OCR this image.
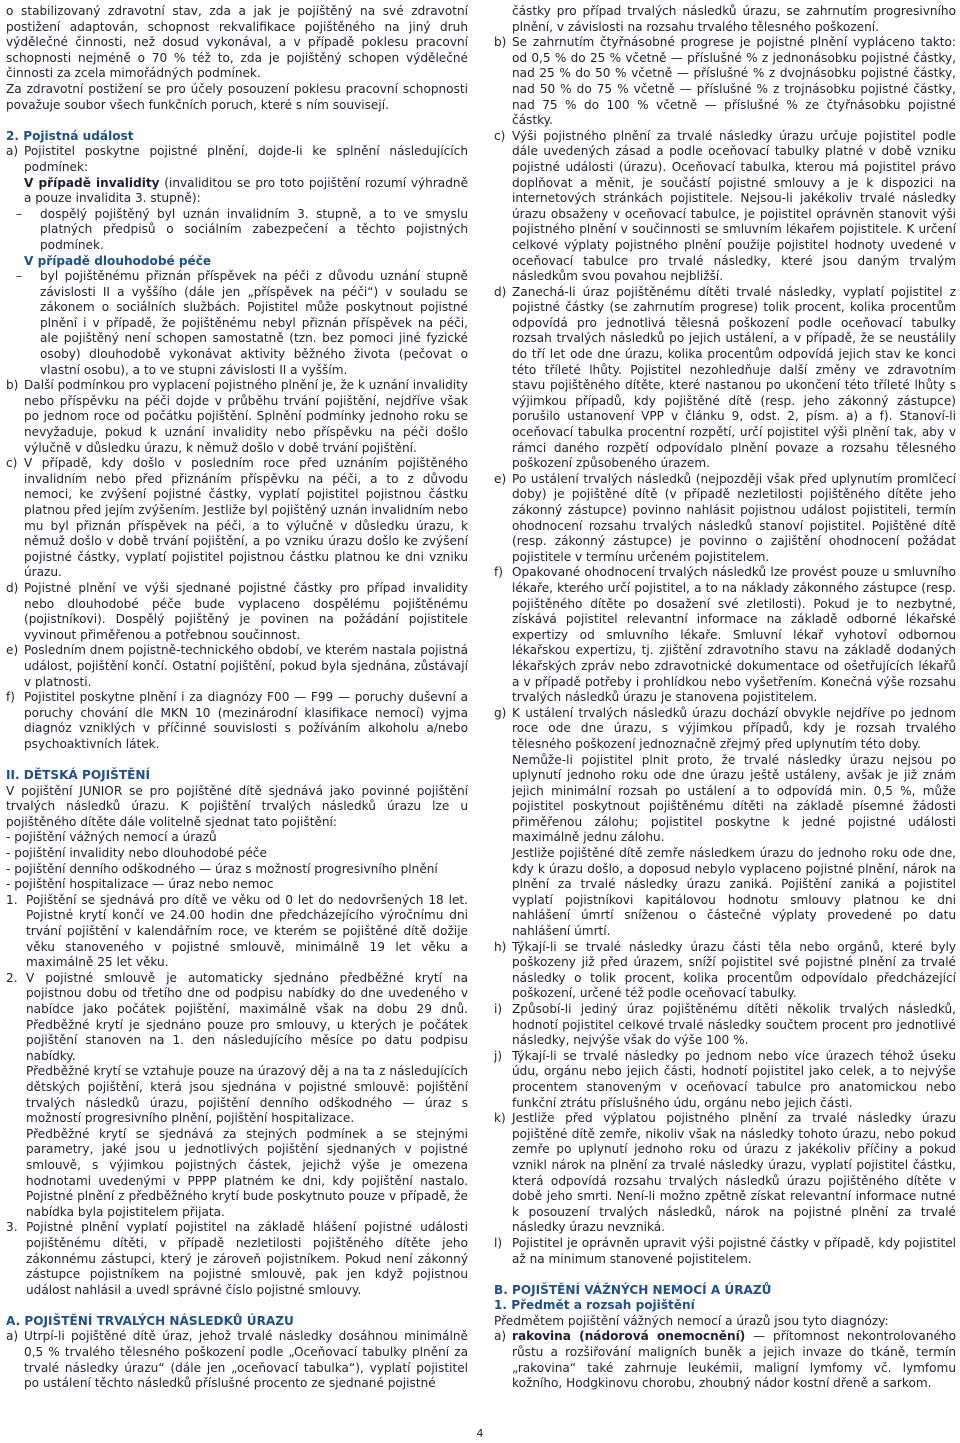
o stabilizovaný zdravotní stav, zda a jak je pojištěný na své zdravotní postižení adaptován, schopnost rekvalifikace pojištěného na jiný druh výdělečné činnosti, než dosud vykonával, a v případě poklesu pracovní schopnosti nejméně o 70 % též to, zda je pojištěný schopen výdělečné činnosti za zcela mimořádných podmínek.

Za zdravotní postižení se pro účely posouzení poklesu pracovní schopnosti považuje soubor všech funkčních poruch, které s ním souvisejí.

2. Pojistná událost

a) Pojistitel poskytne pojistné plnění, dojde-li ke splnění následujících podmínek:
V případě invalidity (invaliditou se pro toto pojištění rozumí výhradně a pouze invalidita 3. stupně):
–	dospělý pojištěný byl uznán invalidním 3. stupně, a to ve smyslu platných předpisů o sociálním zabezpečení a těchto pojistných podmínek.
V případě dlouhodobé péče
–	byl pojištěnému přiznán příspěvek na péči z důvodu uznání stupně závislosti II a vyššího (dále jen „příspěvek na péči“) v souladu se zákonem o sociálních službách. Pojistitel může poskytnout pojistné plnění i v případě, že pojištěnému nebyl přiznán příspěvek na péči, ale pojištěný není schopen samostatně (tzn. bez pomoci jiné fyzické osoby) dlouhodobě vykonávat aktivity běžného života (pečovat o vlastní osobu), a to ve stupni závislosti II a vyšším.
b) Další podmínkou pro vyplacení pojistného plnění je, že k uznání invalidity nebo příspěvku na péči dojde v průběhu trvání pojištění, nejdříve však po jednom roce od počátku pojištění. Splnění podmínky jednoho roku se nevyžaduje, pokud k uznání invalidity nebo příspěvku na péči došlo výlučně v důsledku úrazu, k němuž došlo v době trvání pojištění.
c) V případě, kdy došlo v posledním roce před uznáním pojištěného invalidním nebo před přiznáním příspěvku na péči, a to z důvodu nemoci, ke zvýšení pojistné částky, vyplatí pojistitel pojistnou částku platnou před jejím zvýšením. Jestliže byl pojištěný uznán invalidním nebo mu byl přiznán příspěvek na péči, a to výlučně v důsledku úrazu, k němuž došlo v době trvání pojištění, a po vzniku úrazu došlo ke zvýšení pojistné částky, vyplatí pojistitel pojistnou částku platnou ke dni vzniku úrazu.
d) Pojistné plnění ve výši sjednané pojistné částky pro případ invalidity nebo dlouhodobé péče bude vyplaceno dospělému pojištěnému (pojistníkovi). Dospělý pojištěný je povinen na požádání pojistitele vyvinout přiměřenou a potřebnou součinnost.
e) Posledním dnem pojistně-technického období, ve kterém nastala pojistná událost, pojištění končí. Ostatní pojištění, pokud byla sjednána, zůstávají v platnosti.
f) Pojistitel poskytne plnění i za diagnózy F00 — F99 — poruchy duševní a poruchy chování dle MKN 10 (mezinárodní klasifikace nemocí) vyjma diagnóz vzniklých v příčinné souvislosti s požíváním alkoholu a/nebo psychoaktivních látek.

II. DĚTSKÁ POJIŠTĚNÍ

V pojištění JUNIOR se pro pojištěné dítě sjednává jako povinné pojištění trvalých následků úrazu. K pojištění trvalých následků úrazu lze u pojištěného dítěte dále volitelně sjednat tato pojištění:

- pojištění vážných nemocí a úrazů

- pojištění invalidity nebo dlouhodobé péče

- pojištění denního odškodného — úraz s možností progresivního plnění

- pojištění hospitalizace — úraz nebo nemoc

1. Pojištění se sjednává pro dítě ve věku od 0 let do nedovršených 18 let. Pojistné krytí končí ve 24.00 hodin dne předcházejícího výročnímu dni trvání pojištění v kalendářním roce, ve kterém se pojištěné dítě dožije věku stanoveného v pojistné smlouvě, minimálně 19 let věku a maximálně 25 let věku.
2. V pojistné smlouvě je automaticky sjednáno předběžné krytí na pojistnou dobu od třetího dne od podpisu nabídky do dne uvedeného v nabídce jako počátek pojištění, maximálně však na dobu 29 dnů. Předběžné krytí je sjednáno pouze pro smlouvy, u kterých je počátek pojištění stanoven na 1. den následujícího měsíce po datu podpisu nabídky.

Předběžné krytí se vztahuje pouze na úrazový děj a na ta z následujících dětských pojištění, která jsou sjednána v pojistné smlouvě: pojištění trvalých následků úrazu, pojištění denního odškodného — úraz s možností progresivního plnění, pojištění hospitalizace.

Předběžné krytí se sjednává za stejných podmínek a se stejnými parametry, jaké jsou u jednotlivých pojištění sjednaných v pojistné smlouvě, s výjimkou pojistných částek, jejichž výše je omezena hodnotami uvedenými v PPPP platném ke dni, kdy pojištění nastalo. Pojistné plnění z předběžného krytí bude poskytnuto pouze v případě, že nabídka byla pojistitelem přijata.

3. Pojistné plnění vyplatí pojistitel na základě hlášení pojistné události pojištěnému dítěti, v případě nezletilosti pojištěného dítěte jeho zákonnému zástupci, který je zároveň pojistníkem. Pokud není zákonný zástupce pojistníkem na pojistné smlouvě, pak jen když pojistnou událost nahlásil a uvedl správné číslo pojistné smlouvy.

A. POJIŠTĚNÍ TRVALÝCH NÁSLEDKŮ ÚRAZU

a) Utrpí-li pojištěné dítě úraz, jehož trvalé následky dosáhnou minimálně 0,5 % trvalého tělesného poškození podle „Oceňovací tabulky plnění za trvalé následky úrazu“ (dále jen „oceňovací tabulka“), vyplatí pojistitel po ustálení těchto následků příslušné procento ze sjednané pojistné

částky pro případ trvalých následků úrazu, se zahrnutím progresivního plnění, v závislosti na rozsahu trvalého tělesného poškození.

b) Se zahrnutím čtyřnásobné progrese je pojistné plnění vypláceno takto: od 0,5 % do 25 % včetně — příslušné % z jednonásobku pojistné částky, nad 25 % do 50 % včetně — příslušné % z dvojnásobku pojistné částky, nad 50 % do 75 % včetně — příslušné % z trojnásobku pojistné částky, nad 75 % do 100 % včetně — příslušné % ze čtyřnásobku pojistné částky.
c) Výši pojistného plnění za trvalé následky úrazu určuje pojistitel podle dále uvedených zásad a podle oceňovací tabulky platné v době vzniku pojistné události (úrazu). Oceňovací tabulka, kterou má pojistitel právo doplňovat a měnit, je součástí pojistné smlouvy a je k dispozici na internetových stránkách pojistitele. Nejsou-li jakékoliv trvalé následky úrazu obsaženy v oceňovací tabulce, je pojistitel oprávněn stanovit výši pojistného plnění v součinnosti se smluvním lékařem pojistitele. K určení celkové výplaty pojistného plnění použije pojistitel hodnoty uvedené v oceňovací tabulce pro trvalé následky, které jsou daným trvalým následkům svou povahou nejbližší.
d) Zanechá-li úraz pojištěnému dítěti trvalé následky, vyplatí pojistitel z pojistné částky (se zahrnutím progrese) tolik procent, kolika procentům odpovídá pro jednotlivá tělesná poškození podle oceňovací tabulky rozsah trvalých následků po jejich ustálení, a v případě, že se neustálily do tří let ode dne úrazu, kolika procentům odpovídá jejich stav ke konci této tříleté lhůty. Pojistitel nezohledňuje další změny ve zdravotním stavu pojištěného dítěte, které nastanou po ukončení této tříleté lhůty s výjimkou případů, kdy pojištěné dítě (resp. jeho zákonný zástupce) porušilo ustanovení VPP v článku 9, odst. 2, písm. a) a f). Stanoví-li oceňovací tabulka procentní rozpětí, určí pojistitel výši plnění tak, aby v rámci daného rozpětí odpovídalo plnění povaze a rozsahu tělesného poškození způsobeného úrazem.
e) Po ustálení trvalých následků (nejpozději však před uplynutím promlčecí doby) je pojištěné dítě (v případě nezletilosti pojištěného dítěte jeho zákonný zástupce) povinno nahlásit pojistnou událost pojistiteli, termín ohodnocení rozsahu trvalých následků stanoví pojistitel. Pojištěné dítě (resp. zákonný zástupce) je povinno o zajištění ohodnocení požádat pojistitele v termínu určeném pojistitelem.
f) Opakované ohodnocení trvalých následků lze provést pouze u smluvního lékaře, kterého určí pojistitel, a to na náklady zákonného zástupce (resp. pojištěného dítěte po dosažení své zletilosti). Pokud je to nezbytné, získává pojistitel relevantní informace na základě odborné lékařské expertizy od smluvního lékaře. Smluvní lékař vyhotoví odbornou lékařskou expertizu, tj. zjištění zdravotního stavu na základě dodaných lékařských zpráv nebo zdravotnické dokumentace od ošetřujících lékařů a v případě potřeby i prohlídkou nebo vyšetřením. Konečná výše rozsahu trvalých následků úrazu je stanovena pojistitelem.
g) K ustálení trvalých následků úrazu dochází obvykle nejdříve po jednom roce ode dne úrazu, s výjimkou případů, kdy je rozsah trvalého tělesného poškození jednoznačně zřejmý před uplynutím této doby.
Nemůže-li pojistitel plnit proto, že trvalé následky úrazu nejsou po uplynutí jednoho roku ode dne úrazu ještě ustáleny, avšak je již znám jejich minimální rozsah po ustálení a to odpovídá min. 0,5 %, může pojistitel poskytnout pojištěnému dítěti na základě písemné žádosti přiměřenou zálohu; pojistitel poskytne k jedné pojistné události maximálně jednu zálohu.
Jestliže pojištěné dítě zemře následkem úrazu do jednoho roku ode dne, kdy k úrazu došlo, a doposud nebylo vyplaceno pojistné plnění, nárok na plnění za trvalé následky úrazu zaniká. Pojištění zaniká a pojistitel vyplatí pojistníkovi kapitálovou hodnotu smlouvy platnou ke dni nahlášení úmrtí sníženou o částečné výplaty provedené po datu nahlášení úmrtí.
h) Týkají-li se trvalé následky úrazu části těla nebo orgánů, které byly poškozeny již před úrazem, sníží pojistitel své pojistné plnění za trvalé následky o tolik procent, kolika procentům odpovídalo předcházející poškození, určené též podle oceňovací tabulky.
i) Způsobí-li jediný úraz pojištěnému dítěti několik trvalých následků, hodnotí pojistitel celkové trvalé následky součtem procent pro jednotlivé následky, nejvýše však do výše 100 %.
j) Týkají-li se trvalé následky po jednom nebo více úrazech téhož úseku údu, orgánu nebo jejich části, hodnotí pojistitel jako celek, a to nejvýše procentem stanoveným v oceňovací tabulce pro anatomickou nebo funkční ztrátu příslušného údu, orgánu nebo jejich části.
k) Jestliže před výplatou pojistného plnění za trvalé následky úrazu pojištěné dítě zemře, nikoliv však na následky tohoto úrazu, nebo pokud zemře po uplynutí jednoho roku od úrazu z jakékoliv příčiny a pokud vznikl nárok na plnění za trvalé následky úrazu, vyplatí pojistitel částku, která odpovídá rozsahu trvalých následků úrazu pojištěného dítěte v době jeho smrti. Není-li možno zpětně získat relevantní informace nutné k posouzení trvalých následků, nárok na pojistné plnění za trvalé následky úrazu nevzniká.
l) Pojistitel je oprávněn upravit výši pojistné částky v případě, kdy pojistitel až na minimum stanovené pojistitelem.

B. POJIŠTĚNÍ VÁŽNÝCH NEMOCÍ A ÚRAZŮ

1. Předmět a rozsah pojištění

Předmětem pojištění vážných nemocí a úrazů jsou tyto diagnózy:

a) rakovina (nádorová onemocnění) — přítomnost nekontrolovaného růstu a rozšiřování maligních buněk a jejich invaze do tkáně, termín „rakovina“ také zahrnuje leukémii, maligní lymfomy vč. lymfomu kožního, Hodgkinovu chorobu, zhoubný nádor kostní dřeně a sarkom.
4
